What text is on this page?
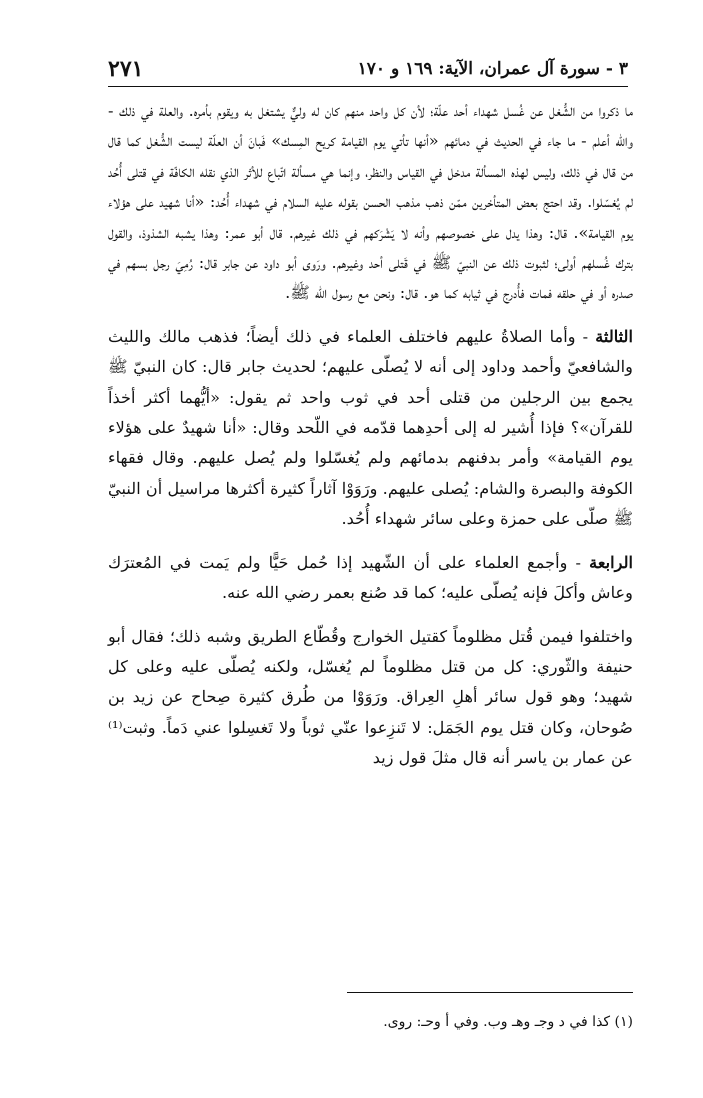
٢٧١	٣ - سورة آل عمران، الآية: ١٦٩ و ١٧٠

ما ذكروا من الشُّغل عن غُسل شهداء أحد علّة؛ لأن كل واحد منهم كان له وليٌّ يشتغل به ويقوم بأمره. والعلة في ذلك - والله أعلم - ما جاء في الحديث في دمائهم «أنها تأتي يوم القيامة كريح المِسك» فَبانَ أن العلّة ليست الشُّغل كما قال من قال في ذلك، وليس لهذه المسألة مدخل في القياس والنظر، وإنما هي مسألة اتّباع للأثر الذي نقله الكافّة في قتلى أُحُد لم يُغسّلوا. وقد احتج بعض المتأخرين ممّن ذهب مذهب الحسن بقوله عليه السلام في شهداء أُحُد: «أنا شهيد على هؤلاء يوم القيامة». قال: وهذا يدل على خصوصهم وأنه لا يَشْرَكهم في ذلك غيرهم. قال أبو عمر: وهذا يشبه الشذوذ، والقول بترك غُسلهم أولى؛ لثبوت ذلك عن النبيّ ﷺ في قَتلى أحد وغيرهم. ورَوى أبو داود عن جابر قال: رُمِيَ رجل بسهم في صدره أو في حلقه فمات فأُدرج في ثيابه كما هو. قال: ونحن مع رسول الله ﷺ.

الثالثة - وأما الصلاةُ عليهم فاختلف العلماء في ذلك أيضاً؛ فذهب مالك والليث والشافعيّ وأحمد وداود إلى أنه لا يُصلّى عليهم؛ لحديث جابر قال: كان النبيّ ﷺ يجمع بين الرجلين من قتلى أحد في ثوب واحد ثم يقول: «أيُّهما أكثر أخذاً للقرآن»؟ فإذا أُشير له إلى أحدِهما قدّمه في اللّحد وقال: «أنا شهيدٌ على هؤلاء يوم القيامة» وأمر بدفنهم بدمائهم ولم يُغسّلوا ولم يُصل عليهم. وقال فقهاء الكوفة والبصرة والشام: يُصلى عليهم. ورَوَوْا آثاراً كثيرة أكثرها مراسيل أن النبيّ ﷺ صلّى على حمزة وعلى سائر شهداء أُحُد.

الرابعة - وأجمع العلماء على أن الشّهيد إذا حُمل حَيًّا ولم يَمت في المُعترَك وعاش وأكلَ فإنه يُصلّى عليه؛ كما قد صُنع بعمر رضي الله عنه.

واختلفوا فيمن قُتل مظلوماً كقتيل الخوارج وقُطّاع الطريق وشبه ذلك؛ فقال أبو حنيفة والثّوري: كل من قتل مظلوماً لم يُغسّل، ولكنه يُصلّى عليه وعلى كل شهيد؛ وهو قول سائر أهلِ العِراق. ورَوَوْا من طُرق كثيرة صِحاح عن زيد بن صُوحان، وكان قتل يوم الجَمَل: لا تَنزِعوا عنّي ثوباً ولا تَغسِلوا عني دَماً. وثبت⁽¹⁾ عن عمار بن ياسر أنه قال مثلَ قول زيد

(١) كذا في د وجـ وهـ وب. وفي أ وحـ: روى.
